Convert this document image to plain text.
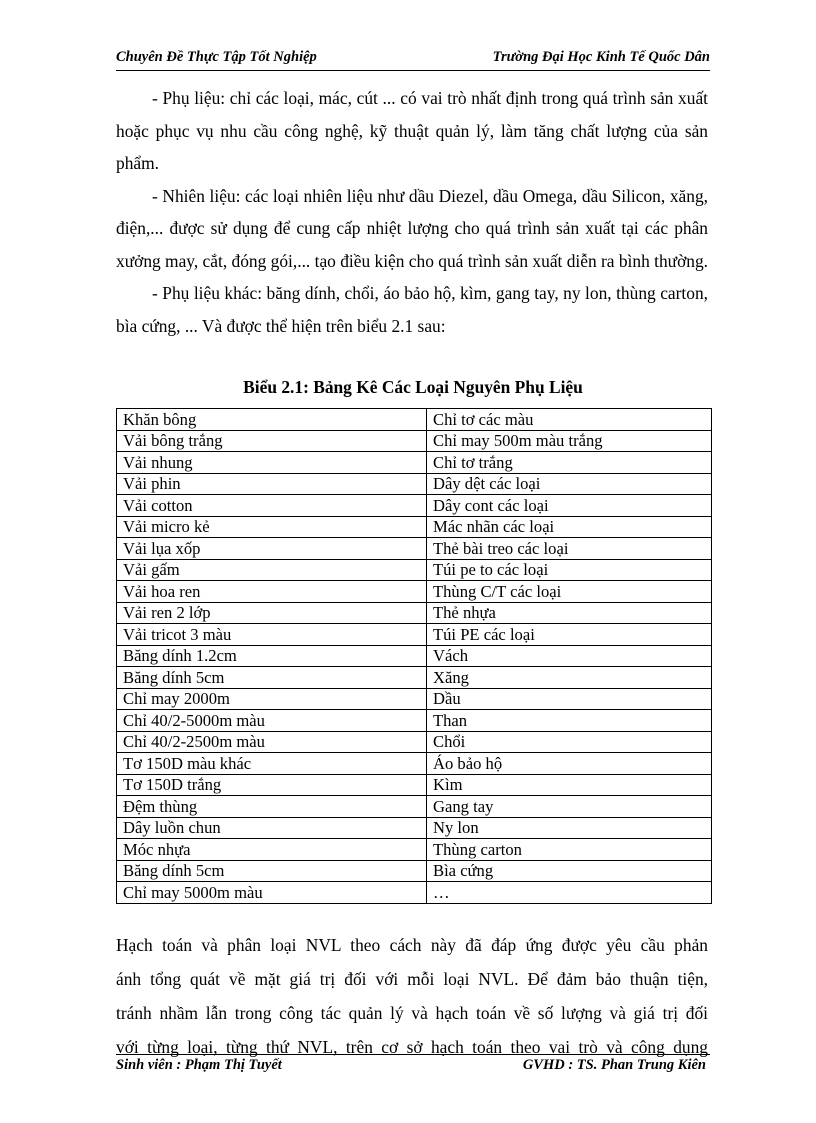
Chuyên Đề Thực Tập Tốt Nghiệp	Trường Đại Học Kinh Tế Quốc Dân

- Phụ liệu: chỉ các loại, mác, cút ... có vai trò nhất định trong quá trình sản xuất hoặc phục vụ nhu cầu công nghệ, kỹ thuật quản lý, làm tăng chất lượng của sản phẩm.

- Nhiên liệu: các loại nhiên liệu như dầu Diezel, dầu Omega, dầu Silicon, xăng, điện,... được sử dụng để cung cấp nhiệt lượng cho quá trình sản xuất tại các phân xưởng may, cắt, đóng gói,... tạo điều kiện cho quá trình sản xuất diễn ra bình thường.

- Phụ liệu khác: băng dính, chổi, áo bảo hộ, kìm, gang tay, ny lon, thùng carton, bìa cứng, ... Và được thể hiện trên biểu 2.1 sau:

Biểu 2.1: Bảng Kê Các Loại Nguyên Phụ Liệu
Khăn bông	Chỉ tơ các màu
Vải bông trắng	Chỉ may 500m màu trắng
Vải nhung	Chỉ tơ trắng
Vải phin	Dây dệt các loại
Vải cotton	Dây cont các loại
Vải micro kẻ	Mác nhãn các loại
Vải lụa xốp	Thẻ bài treo các loại
Vải gấm	Túi pe to các loại
Vải hoa ren	Thùng C/T các loại
Vải ren 2 lớp	Thẻ nhựa
Vải tricot 3 màu	Túi PE các loại
Băng dính 1.2cm	Vách
Băng dính 5cm	Xăng
Chỉ may 2000m	Dầu
Chỉ 40/2-5000m màu	Than
Chỉ 40/2-2500m màu	Chổi
Tơ 150D màu khác	Áo bảo hộ
Tơ 150D trắng	Kìm
Đệm thùng	Gang tay
Dây luồn chun	Ny lon
Móc nhựa	Thùng carton
Băng dính 5cm	Bìa cứng
Chỉ may 5000m màu	…

Hạch toán và phân loại NVL theo cách này đã đáp ứng được yêu cầu phản

ánh tổng quát về mặt giá trị đối với mỗi loại NVL. Để đảm bảo thuận tiện,

tránh nhầm lẫn trong công tác quản lý và hạch toán về số lượng và giá trị đối

với từng loại, từng thứ NVL, trên cơ sở hạch toán theo vai trò và công dụng

Sinh viên : Phạm Thị Tuyết	GVHD : TS. Phan Trung Kiên
